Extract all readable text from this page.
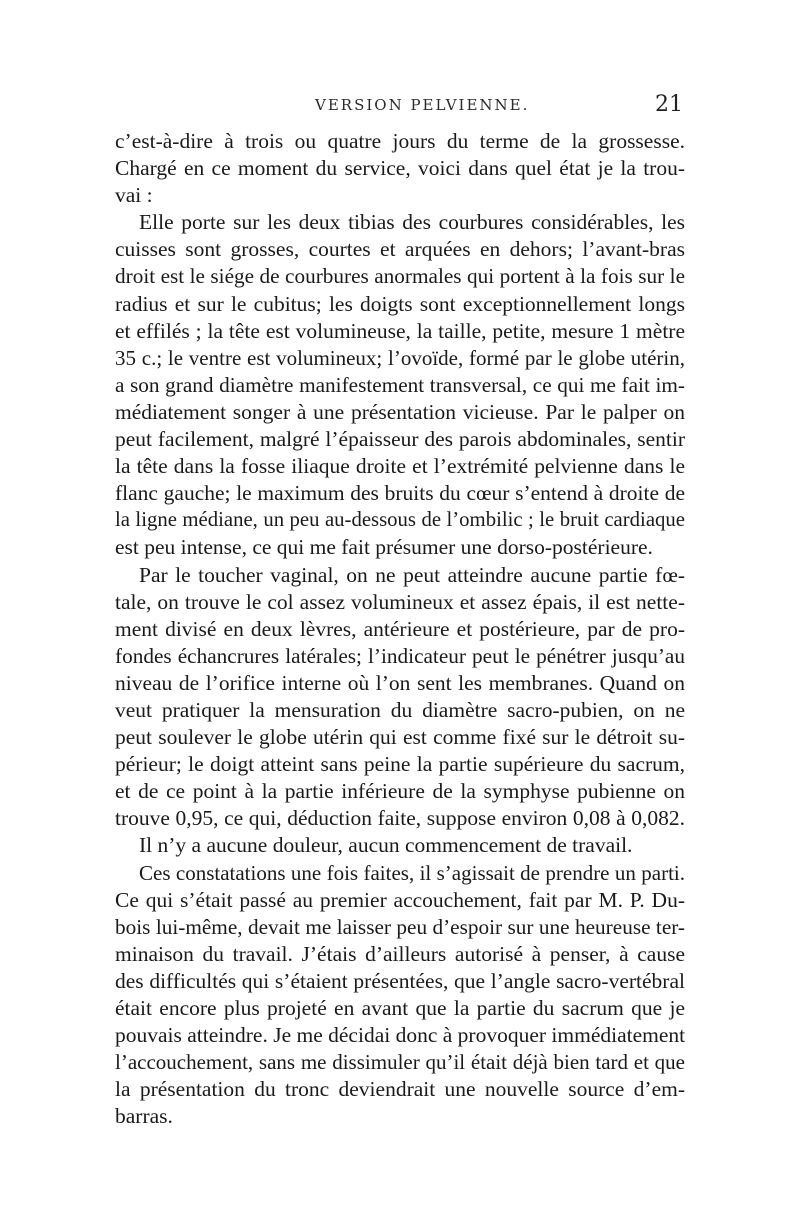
VERSION PELVIENNE.	21
c’est-à-dire à trois ou quatre jours du terme de la grossesse.
Chargé en ce moment du service, voici dans quel état je la trou-
vai :
Elle porte sur les deux tibias des courbures considérables, les
cuisses sont grosses, courtes et arquées en dehors; l’avant-bras
droit est le siége de courbures anormales qui portent à la fois sur le
radius et sur le cubitus; les doigts sont exceptionnellement longs
et effilés ; la tête est volumineuse, la taille, petite, mesure 1 mètre
35 c.; le ventre est volumineux; l’ovoïde, formé par le globe utérin,
a son grand diamètre manifestement transversal, ce qui me fait im-
médiatement songer à une présentation vicieuse. Par le palper on
peut facilement, malgré l’épaisseur des parois abdominales, sentir
la tête dans la fosse iliaque droite et l’extrémité pelvienne dans le
flanc gauche; le maximum des bruits du cœur s’entend à droite de
la ligne médiane, un peu au-dessous de l’ombilic ; le bruit cardiaque
est peu intense, ce qui me fait présumer une dorso-postérieure.
Par le toucher vaginal, on ne peut atteindre aucune partie fœ-
tale, on trouve le col assez volumineux et assez épais, il est nette-
ment divisé en deux lèvres, antérieure et postérieure, par de pro-
fondes échancrures latérales; l’indicateur peut le pénétrer jusqu’au
niveau de l’orifice interne où l’on sent les membranes. Quand on
veut pratiquer la mensuration du diamètre sacro-pubien, on ne
peut soulever le globe utérin qui est comme fixé sur le détroit su-
périeur; le doigt atteint sans peine la partie supérieure du sacrum,
et de ce point à la partie inférieure de la symphyse pubienne on
trouve 0,95, ce qui, déduction faite, suppose environ 0,08 à 0,082.
Il n’y a aucune douleur, aucun commencement de travail.
Ces constatations une fois faites, il s’agissait de prendre un parti.
Ce qui s’était passé au premier accouchement, fait par M. P. Du-
bois lui-même, devait me laisser peu d’espoir sur une heureuse ter-
minaison du travail. J’étais d’ailleurs autorisé à penser, à cause
des difficultés qui s’étaient présentées, que l’angle sacro-vertébral
était encore plus projeté en avant que la partie du sacrum que je
pouvais atteindre. Je me décidai donc à provoquer immédiatement
l’accouchement, sans me dissimuler qu’il était déjà bien tard et que
la présentation du tronc deviendrait une nouvelle source d’em-
barras.
